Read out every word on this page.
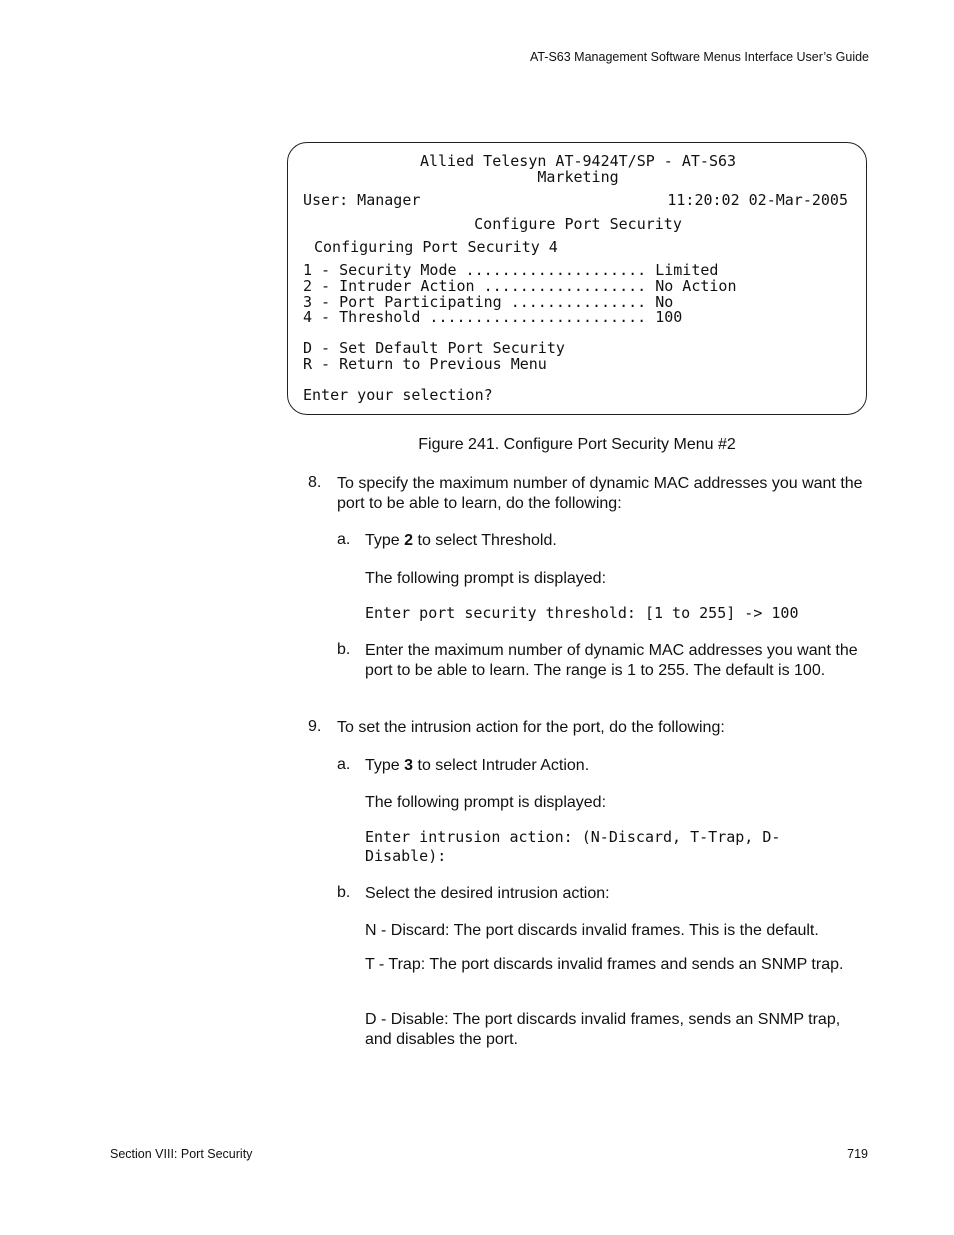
AT-S63 Management Software Menus Interface User’s Guide
Allied Telesyn AT-9424T/SP - AT-S63
Marketing
User: Manager	11:20:02 02-Mar-2005
Configure Port Security
Configuring Port Security 4
1 - Security Mode .................... Limited
2 - Intruder Action .................. No Action
3 - Port Participating ............... No
4 - Threshold ........................ 100
D - Set Default Port Security
R - Return to Previous Menu
Enter your selection?
Figure 241. Configure Port Security Menu #2
8. To specify the maximum number of dynamic MAC addresses you want the port to be able to learn, do the following:
a. Type 2 to select Threshold.
The following prompt is displayed:
Enter port security threshold: [1 to 255] -> 100
b. Enter the maximum number of dynamic MAC addresses you want the port to be able to learn. The range is 1 to 255. The default is 100.
9. To set the intrusion action for the port, do the following:
a. Type 3 to select Intruder Action.
The following prompt is displayed:
Enter intrusion action: (N-Discard, T-Trap, D-
Disable):
b. Select the desired intrusion action:
N - Discard: The port discards invalid frames. This is the default.
T - Trap: The port discards invalid frames and sends an SNMP trap.
D - Disable: The port discards invalid frames, sends an SNMP trap, and disables the port.
Section VIII: Port Security	719
